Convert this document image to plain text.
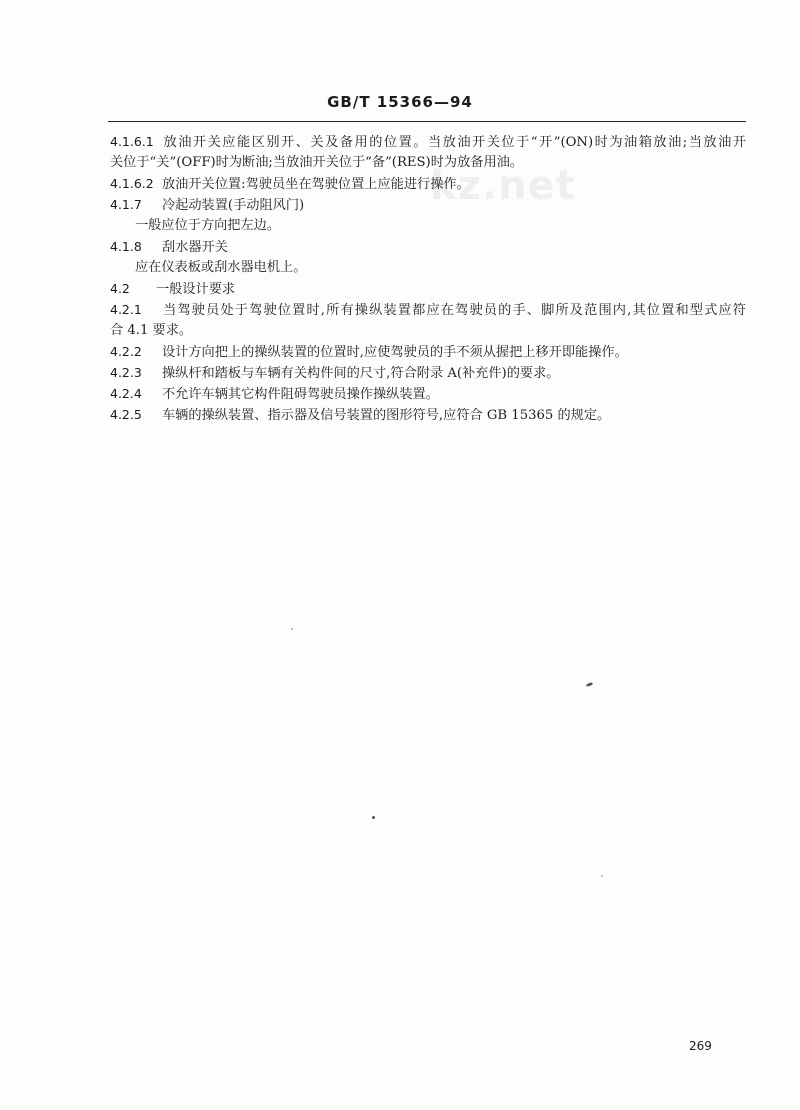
kz.net
GB/T 15366—94
4.1.6.1 放油开关应能区别开、关及备用的位置。当放油开关位于“开”(ON)时为油箱放油;当放油开
关位于“关”(OFF)时为断油;当放油开关位于“备”(RES)时为放备用油。
4.1.6.2 放油开关位置:驾驶员坐在驾驶位置上应能进行操作。
4.1.7 冷起动装置(手动阻风门)
一般应位于方向把左边。
4.1.8 刮水器开关
应在仪表板或刮水器电机上。
4.2 一般设计要求
4.2.1 当驾驶员处于驾驶位置时,所有操纵装置都应在驾驶员的手、脚所及范围内,其位置和型式应符
合 4.1 要求。
4.2.2 设计方向把上的操纵装置的位置时,应使驾驶员的手不须从握把上移开即能操作。
4.2.3 操纵杆和踏板与车辆有关构件间的尺寸,符合附录 A(补充件)的要求。
4.2.4 不允许车辆其它构件阻碍驾驶员操作操纵装置。
4.2.5 车辆的操纵装置、指示器及信号装置的图形符号,应符合 GB 15365 的规定。
269
